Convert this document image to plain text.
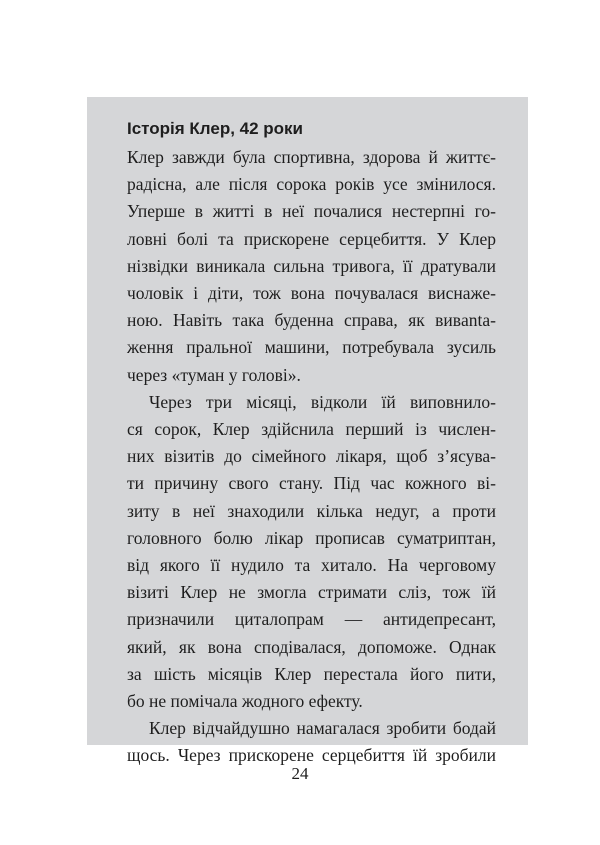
Історія Клер, 42 роки

Клер завжди була спортивна, здорова й життє-
радісна, але після сорока років усе змінилося.
Уперше в житті в неї почалися нестерпні го-
ловні болі та прискорене серцебиття. У Клер
нізвідки виникала сильна тривога, її дратували
чоловік і діти, тож вона почувалася виснаже-
ною. Навіть така буденна справа, як вивanta-
ження пральної машини, потребувала зусиль
через «туман у голові».

Через три місяці, відколи їй виповнило-
ся сорок, Клер здійснила перший із числен-
них візитів до сімейного лікаря, щоб з’ясува-
ти причину свого стану. Під час кожного ві-
зиту в неї знаходили кілька недуг, а проти
головного болю лікар прописав суматриптан,
від якого її нудило та хитало. На черговому
візиті Клер не змогла стримати сліз, тож їй
призначили циталопрам — антидепресант,
який, як вона сподівалася, допоможе. Однак
за шість місяців Клер перестала його пити,
бо не помічала жодного ефекту.

Клер відчайдушно намагалася зробити бодай
щось. Через прискорене серцебиття їй зробили

24
